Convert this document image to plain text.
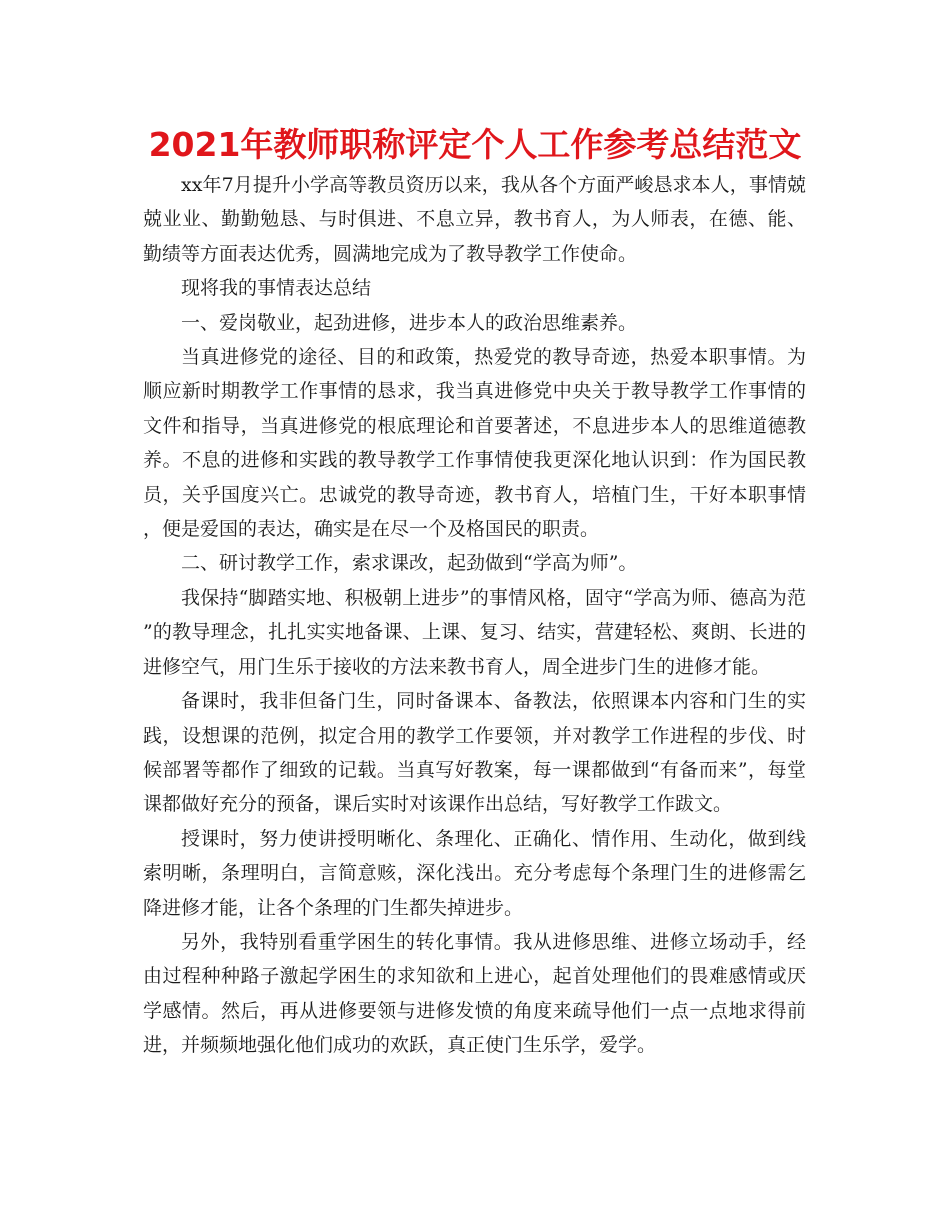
2021年教师职称评定个人工作参考总结范文

xx年7月提升小学高等教员资历以来，我从各个方面严峻恳求本人，事情兢兢业业、勤勤勉恳、与时俱进、不息立异，教书育人，为人师表，在德、能、勤绩等方面表达优秀，圆满地完成为了教导教学工作使命。

现将我的事情表达总结

一、爱岗敬业，起劲进修，进步本人的政治思维素养。

当真进修党的途径、目的和政策，热爱党的教导奇迹，热爱本职事情。为顺应新时期教学工作事情的恳求，我当真进修党中央关于教导教学工作事情的文件和指导，当真进修党的根底理论和首要著述，不息进步本人的思维道德教养。不息的进修和实践的教导教学工作事情使我更深化地认识到：作为国民教员，关乎国度兴亡。忠诚党的教导奇迹，教书育人，培植门生，干好本职事情，便是爱国的表达，确实是在尽一个及格国民的职责。

二、研讨教学工作，索求课改，起劲做到“学高为师”。

我保持“脚踏实地、积极朝上进步”的事情风格，固守“学高为师、德高为范”的教导理念，扎扎实实地备课、上课、复习、结实，营建轻松、爽朗、长进的进修空气，用门生乐于接收的方法来教书育人，周全进步门生的进修才能。

备课时，我非但备门生，同时备课本、备教法，依照课本内容和门生的实践，设想课的范例，拟定合用的教学工作要领，并对教学工作进程的步伐、时候部署等都作了细致的记载。当真写好教案，每一课都做到“有备而来”，每堂课都做好充分的预备，课后实时对该课作出总结，写好教学工作跋文。

授课时，努力使讲授明晰化、条理化、正确化、情作用、生动化，做到线索明晰，条理明白，言简意赅，深化浅出。充分考虑每个条理门生的进修需乞降进修才能，让各个条理的门生都失掉进步。

另外，我特别看重学困生的转化事情。我从进修思维、进修立场动手，经由过程种种路子激起学困生的求知欲和上进心，起首处理他们的畏难感情或厌学感情。然后，再从进修要领与进修发愤的角度来疏导他们一点一点地求得前进，并频频地强化他们成功的欢跃，真正使门生乐学，爱学。
